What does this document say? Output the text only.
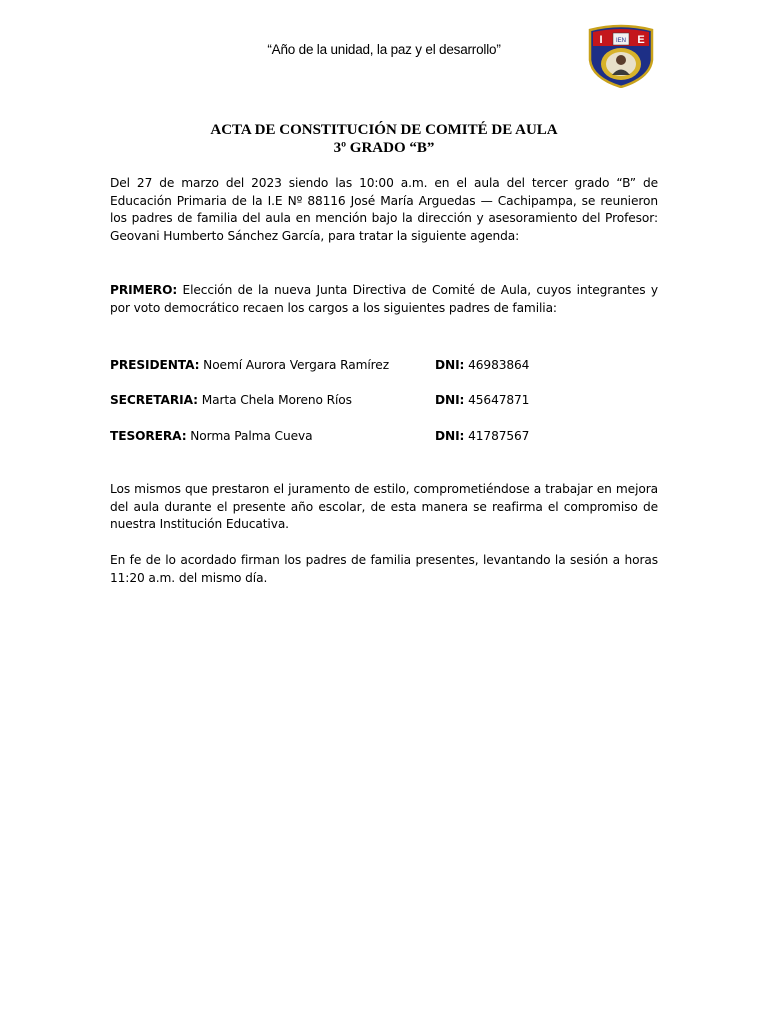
“Año de la unidad, la paz y el desarrollo”
I	E
IEN
ACTA DE CONSTITUCIÓN DE COMITÉ DE AULA
3º GRADO “B”
Del 27 de marzo del 2023 siendo las 10:00 a.m. en el aula del tercer grado “B” de Educación Primaria de la I.E Nº 88116 José María Arguedas — Cachipampa, se reunieron los padres de familia del aula en mención bajo la dirección y asesoramiento del Profesor: Geovani Humberto Sánchez García, para tratar la siguiente agenda:
PRIMERO: Elección de la nueva Junta Directiva de Comité de Aula, cuyos integrantes y por voto democrático recaen los cargos a los siguientes padres de familia:
PRESIDENTA: Noemí Aurora Vergara Ramírez	DNI: 46983864
SECRETARIA: Marta Chela Moreno Ríos	DNI: 45647871
TESORERA: Norma Palma Cueva	DNI: 41787567
Los mismos que prestaron el juramento de estilo, comprometiéndose a trabajar en mejora del aula durante el presente año escolar, de esta manera se reafirma el compromiso de nuestra Institución Educativa.
En fe de lo acordado firman los padres de familia presentes, levantando la sesión a horas 11:20 a.m. del mismo día.
